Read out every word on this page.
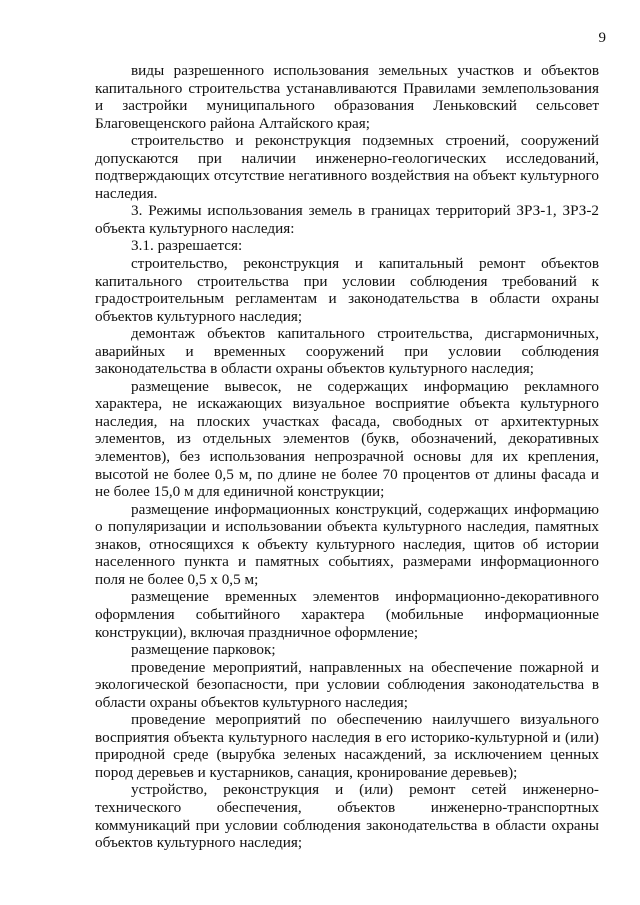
9

виды разрешенного использования земельных участков и объектов капитального строительства устанавливаются Правилами землепользования и застройки муниципального образования Леньковский сельсовет Благовещенского района Алтайского края;

строительство и реконструкция подземных строений, сооружений допускаются при наличии инженерно-геологических исследований, подтверждающих отсутствие негативного воздействия на объект культурного наследия.

3. Режимы использования земель в границах территорий ЗРЗ-1, ЗРЗ-2 объекта культурного наследия:

3.1. разрешается:

строительство, реконструкция и капитальный ремонт объектов капитального строительства при условии соблюдения требований к градостроительным регламентам и законодательства в области охраны объектов культурного наследия;

демонтаж объектов капитального строительства, дисгармоничных, аварийных и временных сооружений при условии соблюдения законодательства в области охраны объектов культурного наследия;

размещение вывесок, не содержащих информацию рекламного характера, не искажающих визуальное восприятие объекта культурного наследия, на плоских участках фасада, свободных от архитектурных элементов, из отдельных элементов (букв, обозначений, декоративных элементов), без использования непрозрачной основы для их крепления, высотой не более 0,5 м, по длине не более 70 процентов от длины фасада и не более 15,0 м для единичной конструкции;

размещение информационных конструкций, содержащих информацию о популяризации и использовании объекта культурного наследия, памятных знаков, относящихся к объекту культурного наследия, щитов об истории населенного пункта и памятных событиях, размерами информационного поля не более 0,5 х 0,5 м;

размещение временных элементов информационно-декоративного оформления событийного характера (мобильные информационные конструкции), включая праздничное оформление;

размещение парковок;

проведение мероприятий, направленных на обеспечение пожарной и экологической безопасности, при условии соблюдения законодательства в области охраны объектов культурного наследия;

проведение мероприятий по обеспечению наилучшего визуального восприятия объекта культурного наследия в его историко-культурной и (или) природной среде (вырубка зеленых насаждений, за исключением ценных пород деревьев и кустарников, санация, кронирование деревьев);

устройство, реконструкция и (или) ремонт сетей инженерно-технического обеспечения, объектов инженерно-транспортных коммуникаций при условии соблюдения законодательства в области охраны объектов культурного наследия;
